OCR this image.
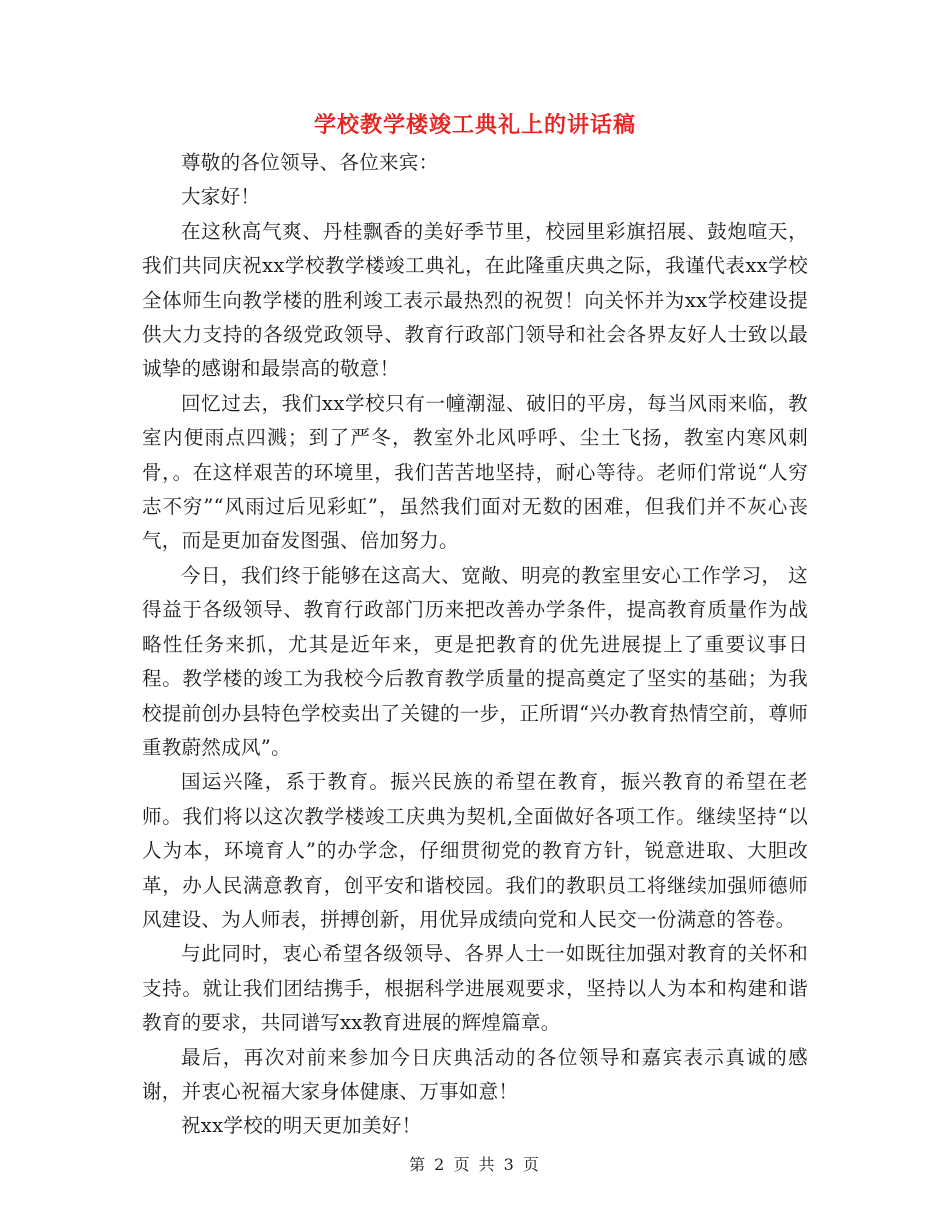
学校教学楼竣工典礼上的讲话稿

尊敬的各位领导、各位来宾：

大家好！

在这秋高气爽、丹桂飘香的美好季节里，校园里彩旗招展、鼓炮喧天，我们共同庆祝xx学校教学楼竣工典礼，在此隆重庆典之际，我谨代表xx学校全体师生向教学楼的胜利竣工表示最热烈的祝贺！向关怀并为xx学校建设提供大力支持的各级党政领导、教育行政部门领导和社会各界友好人士致以最诚挚的感谢和最崇高的敬意！

回忆过去，我们xx学校只有一幢潮湿、破旧的平房，每当风雨来临，教室内便雨点四溅；到了严冬，教室外北风呼呼、尘土飞扬，教室内寒风刺骨，。在这样艰苦的环境里，我们苦苦地坚持，耐心等待。老师们常说“人穷志不穷”“风雨过后见彩虹”，虽然我们面对无数的困难，但我们并不灰心丧气，而是更加奋发图强、倍加努力。

今日，我们终于能够在这高大、宽敞、明亮的教室里安心工作学习， 这得益于各级领导、教育行政部门历来把改善办学条件，提高教育质量作为战略性任务来抓，尤其是近年来，更是把教育的优先进展提上了重要议事日程。教学楼的竣工为我校今后教育教学质量的提高奠定了坚实的基础；为我校提前创办县特色学校卖出了关键的一步，正所谓“兴办教育热情空前，尊师重教蔚然成风”。

国运兴隆，系于教育。振兴民族的希望在教育，振兴教育的希望在老师。我们将以这次教学楼竣工庆典为契机,全面做好各项工作。继续坚持“以人为本，环境育人”的办学念，仔细贯彻党的教育方针，锐意进取、大胆改革，办人民满意教育，创平安和谐校园。我们的教职员工将继续加强师德师风建设、为人师表，拼搏创新，用优异成绩向党和人民交一份满意的答卷。

与此同时，衷心希望各级领导、各界人士一如既往加强对教育的关怀和支持。就让我们团结携手，根据科学进展观要求，坚持以人为本和构建和谐教育的要求，共同谱写xx教育进展的辉煌篇章。

最后，再次对前来参加今日庆典活动的各位领导和嘉宾表示真诚的感谢，并衷心祝福大家身体健康、万事如意！

祝xx学校的明天更加美好！

第 2 页 共 3 页
